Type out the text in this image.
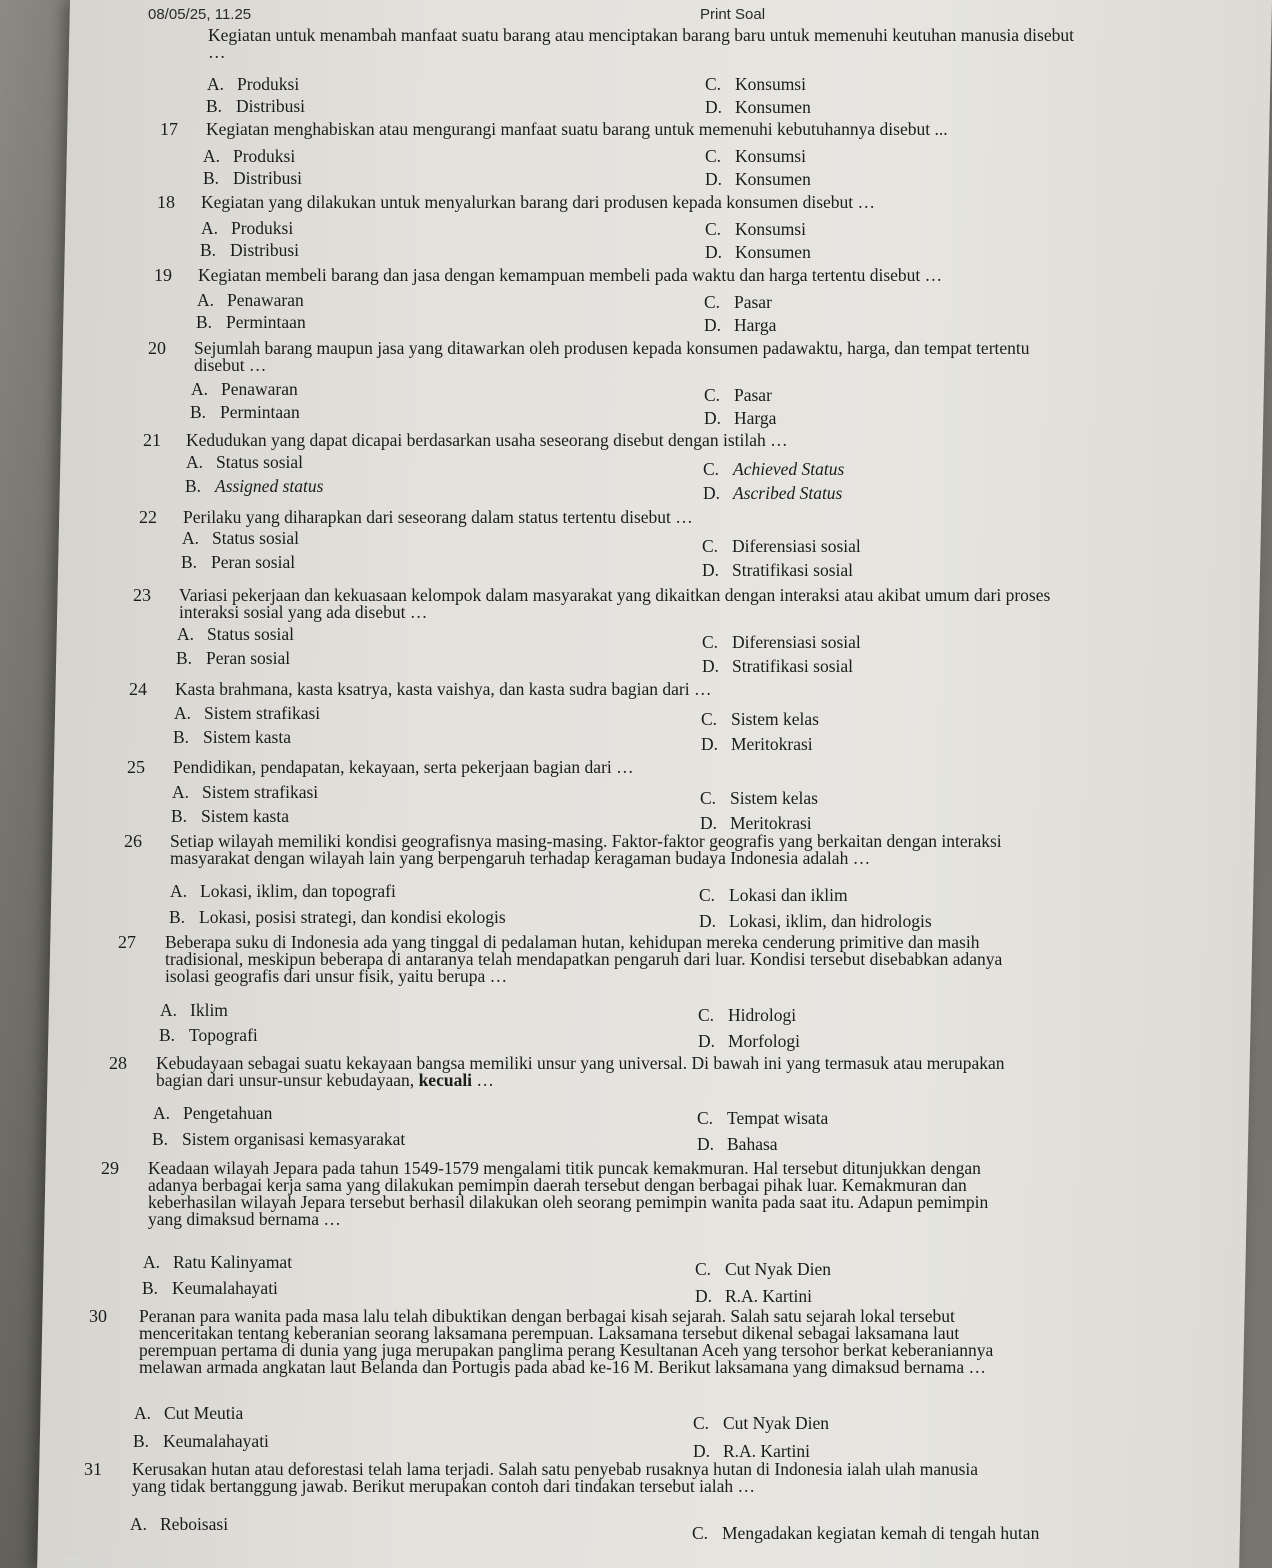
08/05/25, 11.25	Print Soal
Kegiatan untuk menambah manfaat suatu barang atau menciptakan barang baru untuk memenuhi keutuhan manusia disebut
…
A. Produksi
B. Distribusi
C. Konsumsi
D. Konsumen
17 Kegiatan menghabiskan atau mengurangi manfaat suatu barang untuk memenuhi kebutuhannya disebut ...
A. Produksi
B. Distribusi
C. Konsumsi
D. Konsumen
18 Kegiatan yang dilakukan untuk menyalurkan barang dari produsen kepada konsumen disebut …
A. Produksi
B. Distribusi
C. Konsumsi
D. Konsumen
19 Kegiatan membeli barang dan jasa dengan kemampuan membeli pada waktu dan harga tertentu disebut …
A. Penawaran
B. Permintaan
C. Pasar
D. Harga
20 Sejumlah barang maupun jasa yang ditawarkan oleh produsen kepada konsumen padawaktu, harga, dan tempat tertentu
disebut …
A. Penawaran
B. Permintaan
C. Pasar
D. Harga
21 Kedudukan yang dapat dicapai berdasarkan usaha seseorang disebut dengan istilah …
A. Status sosial
B. Assigned status
C. Achieved Status
D. Ascribed Status
22 Perilaku yang diharapkan dari seseorang dalam status tertentu disebut …
A. Status sosial
B. Peran sosial
C. Diferensiasi sosial
D. Stratifikasi sosial
23 Variasi pekerjaan dan kekuasaan kelompok dalam masyarakat yang dikaitkan dengan interaksi atau akibat umum dari proses
interaksi sosial yang ada disebut …
A. Status sosial
B. Peran sosial
C. Diferensiasi sosial
D. Stratifikasi sosial
24 Kasta brahmana, kasta ksatrya, kasta vaishya, dan kasta sudra bagian dari …
A. Sistem strafikasi
B. Sistem kasta
C. Sistem kelas
D. Meritokrasi
25 Pendidikan, pendapatan, kekayaan, serta pekerjaan bagian dari …
A. Sistem strafikasi
B. Sistem kasta
C. Sistem kelas
D. Meritokrasi
26 Setiap wilayah memiliki kondisi geografisnya masing-masing. Faktor-faktor geografis yang berkaitan dengan interaksi
masyarakat dengan wilayah lain yang berpengaruh terhadap keragaman budaya Indonesia adalah …
A. Lokasi, iklim, dan topografi
B. Lokasi, posisi strategi, dan kondisi ekologis
C. Lokasi dan iklim
D. Lokasi, iklim, dan hidrologis
27 Beberapa suku di Indonesia ada yang tinggal di pedalaman hutan, kehidupan mereka cenderung primitive dan masih
tradisional, meskipun beberapa di antaranya telah mendapatkan pengaruh dari luar. Kondisi tersebut disebabkan adanya
isolasi geografis dari unsur fisik, yaitu berupa …
A. Iklim
B. Topografi
C. Hidrologi
D. Morfologi
28 Kebudayaan sebagai suatu kekayaan bangsa memiliki unsur yang universal. Di bawah ini yang termasuk atau merupakan
bagian dari unsur-unsur kebudayaan, kecuali …
A. Pengetahuan
B. Sistem organisasi kemasyarakat
C. Tempat wisata
D. Bahasa
29 Keadaan wilayah Jepara pada tahun 1549-1579 mengalami titik puncak kemakmuran. Hal tersebut ditunjukkan dengan
adanya berbagai kerja sama yang dilakukan pemimpin daerah tersebut dengan berbagai pihak luar. Kemakmuran dan
keberhasilan wilayah Jepara tersebut berhasil dilakukan oleh seorang pemimpin wanita pada saat itu. Adapun pemimpin
yang dimaksud bernama …
A. Ratu Kalinyamat
B. Keumalahayati
C. Cut Nyak Dien
D. R.A. Kartini
30 Peranan para wanita pada masa lalu telah dibuktikan dengan berbagai kisah sejarah. Salah satu sejarah lokal tersebut
menceritakan tentang keberanian seorang laksamana perempuan. Laksamana tersebut dikenal sebagai laksamana laut
perempuan pertama di dunia yang juga merupakan panglima perang Kesultanan Aceh yang tersohor berkat keberaniannya
melawan armada angkatan laut Belanda dan Portugis pada abad ke-16 M. Berikut laksamana yang dimaksud bernama …
A. Cut Meutia
B. Keumalahayati
C. Cut Nyak Dien
D. R.A. Kartini
31 Kerusakan hutan atau deforestasi telah lama terjadi. Salah satu penyebab rusaknya hutan di Indonesia ialah ulah manusia
yang tidak bertanggung jawab. Berikut merupakan contoh dari tindakan tersebut ialah …
A. Reboisasi	C. Mengadakan kegiatan kemah di tengah hutan
https://cbt.smpn1...
